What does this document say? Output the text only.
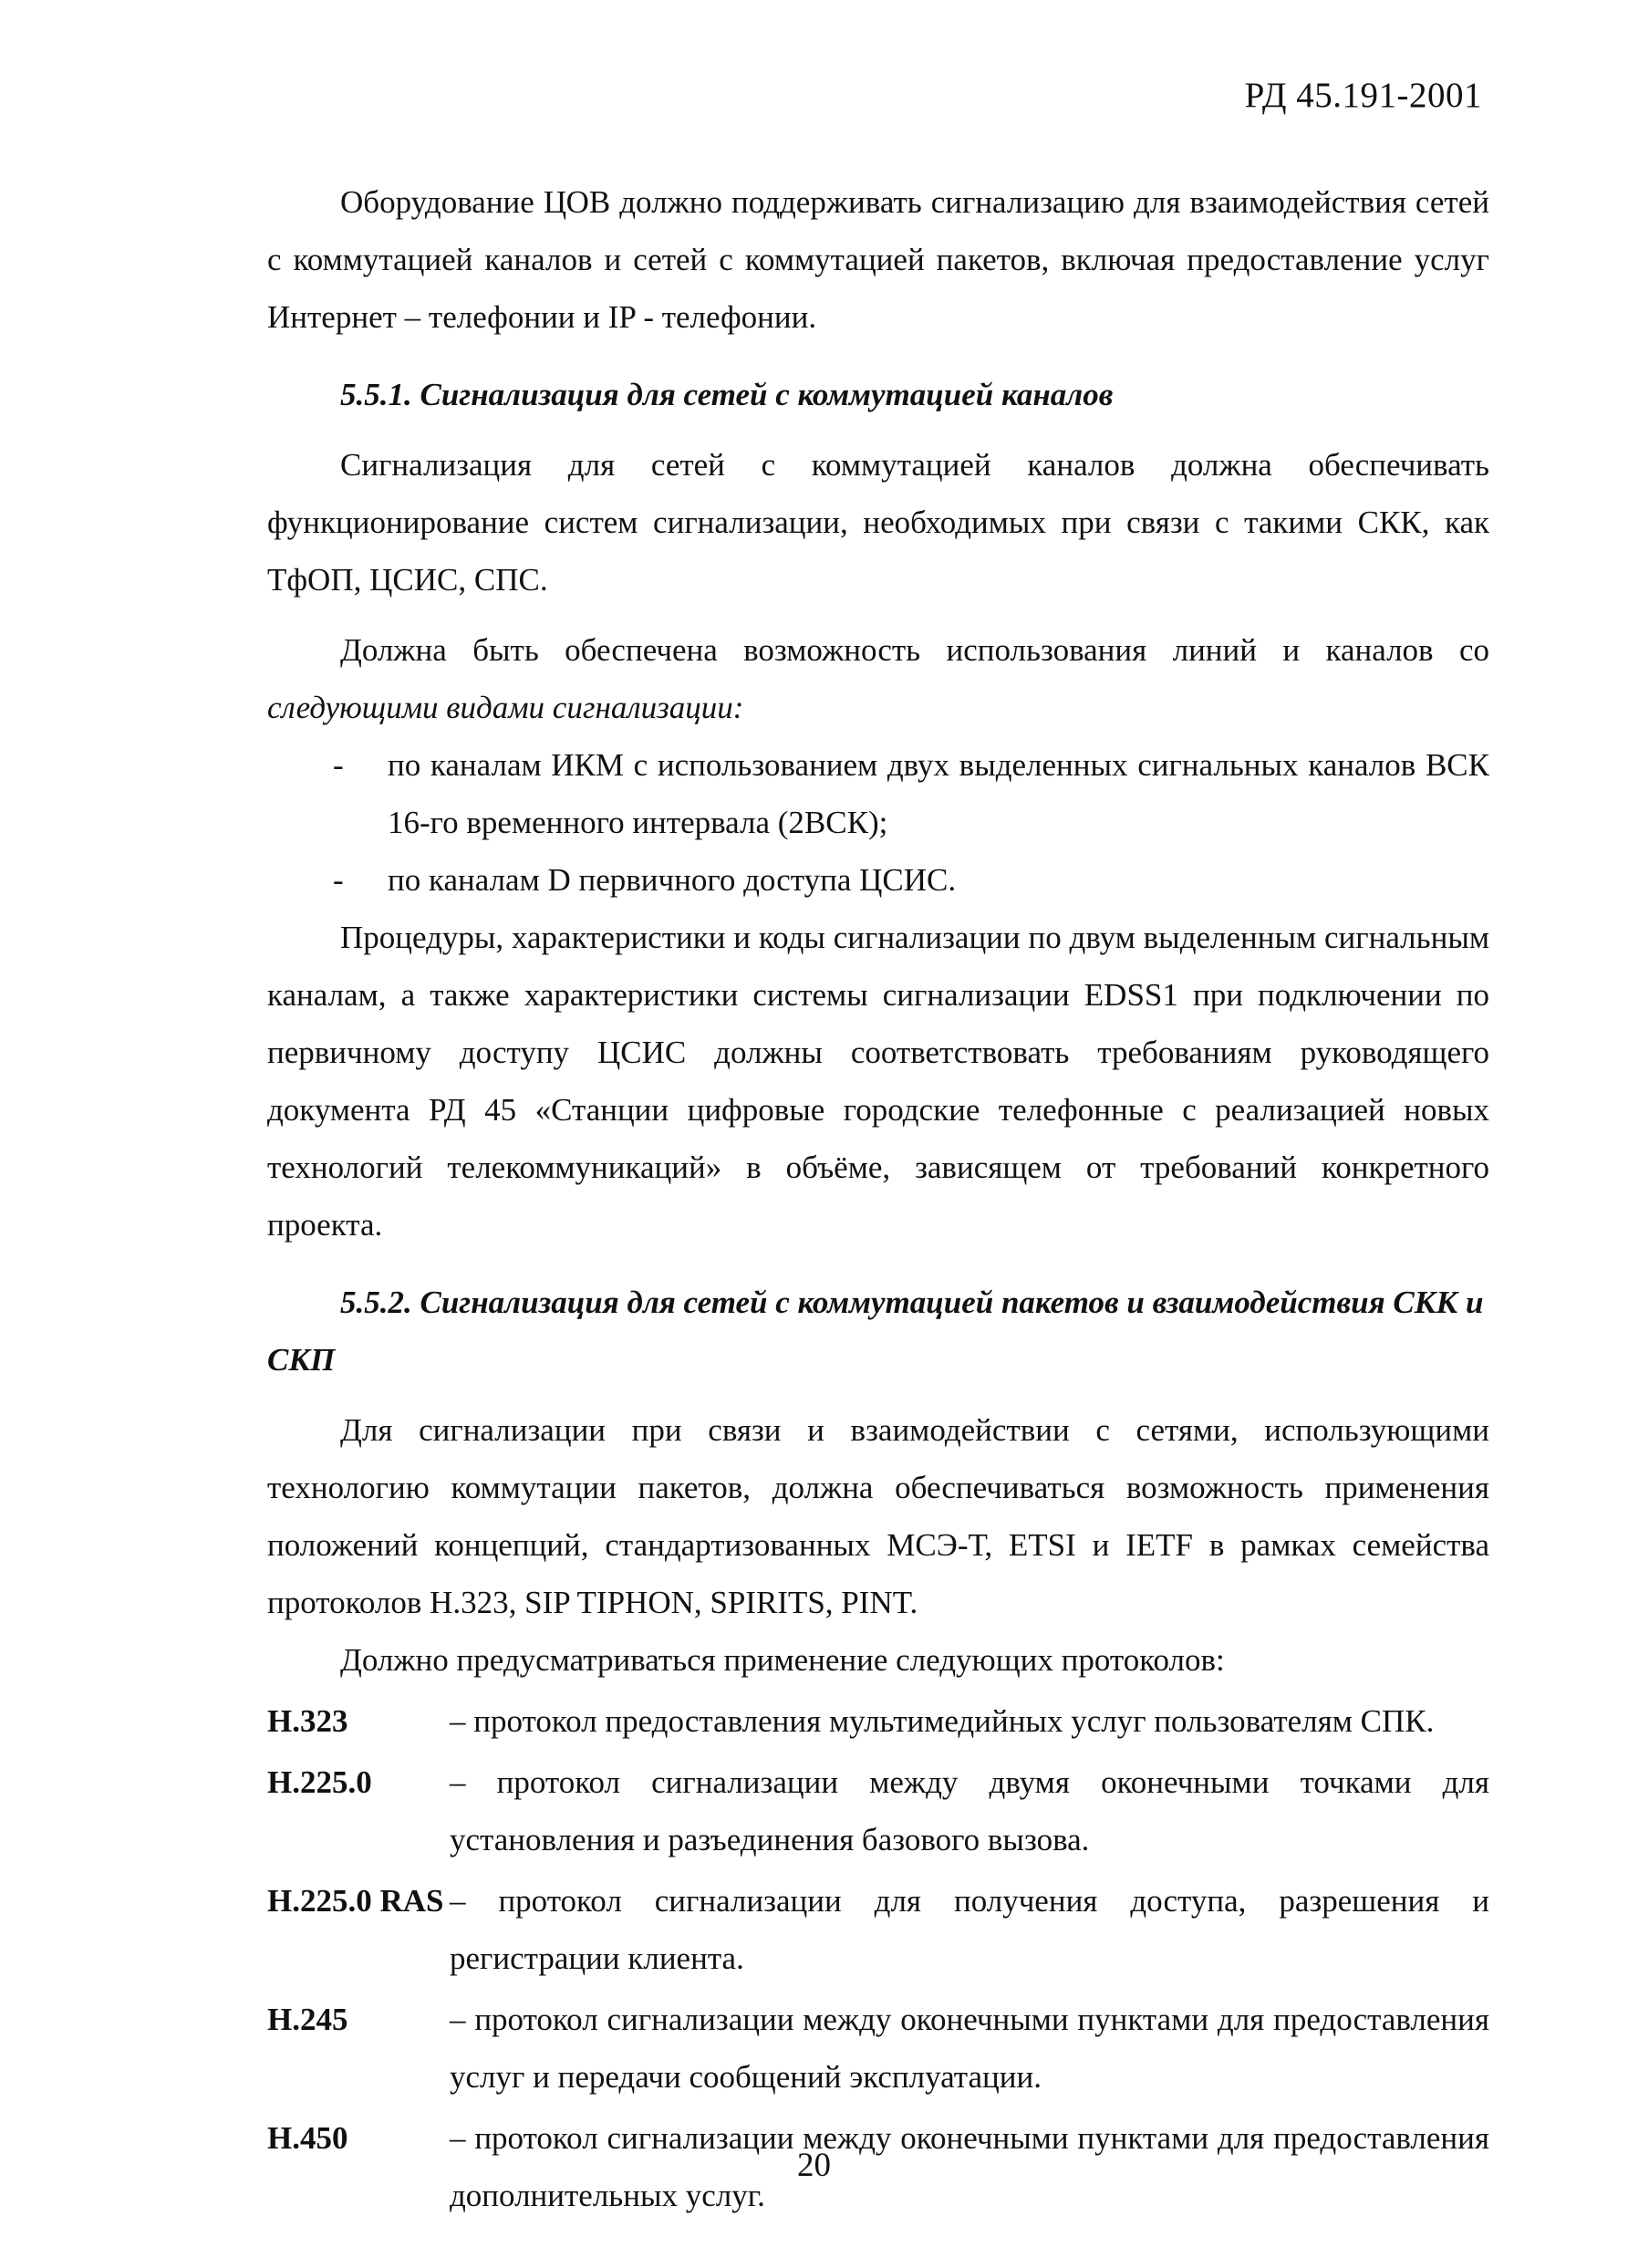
РД 45.191-2001

Оборудование ЦОВ должно поддерживать сигнализацию для взаимодействия сетей с коммутацией каналов и сетей с коммутацией пакетов, включая предоставление услуг Интернет – телефонии и IP - телефонии.

5.5.1. Сигнализация для сетей с коммутацией каналов

Сигнализация для сетей с коммутацией каналов должна обеспечивать функционирование систем сигнализации, необходимых при связи с такими СКК, как ТфОП, ЦСИС, СПС.

Должна быть обеспечена возможность использования линий и каналов со следующими видами сигнализации:

- по каналам ИКМ с использованием двух выделенных сигнальных каналов ВСК 16-го временного интервала (2ВСК);

- по каналам D первичного доступа ЦСИС.

Процедуры, характеристики и коды сигнализации по двум выделенным сигнальным каналам, а также характеристики системы сигнализации EDSS1 при подключении по первичному доступу ЦСИС должны соответствовать требованиям руководящего документа РД 45 «Станции цифровые городские телефонные с реализацией новых технологий телекоммуникаций» в объёме, зависящем от требований конкретного проекта.

5.5.2. Сигнализация для сетей с коммутацией пакетов и взаимодействия СКК и СКП

Для сигнализации при связи и взаимодействии с сетями, использующими технологию коммутации пакетов, должна обеспечиваться возможность применения положений концепций, стандартизованных МСЭ-Т, ETSI и IETF в рамках семейства протоколов H.323, SIP TIPHON, SPIRITS, PINT.

Должно предусматриваться применение следующих протоколов:

H.323	– протокол предоставления мультимедийных услуг пользователям СПК.
H.225.0	– протокол сигнализации между двумя оконечными точками для установления и разъединения базового вызова.
H.225.0 RAS – протокол сигнализации для получения доступа, разрешения и регистрации клиента.
H.245	– протокол сигнализации между оконечными пунктами для предоставления услуг и передачи сообщений эксплуатации.
H.450	– протокол сигнализации между оконечными пунктами для предоставления дополнительных услуг.
20
